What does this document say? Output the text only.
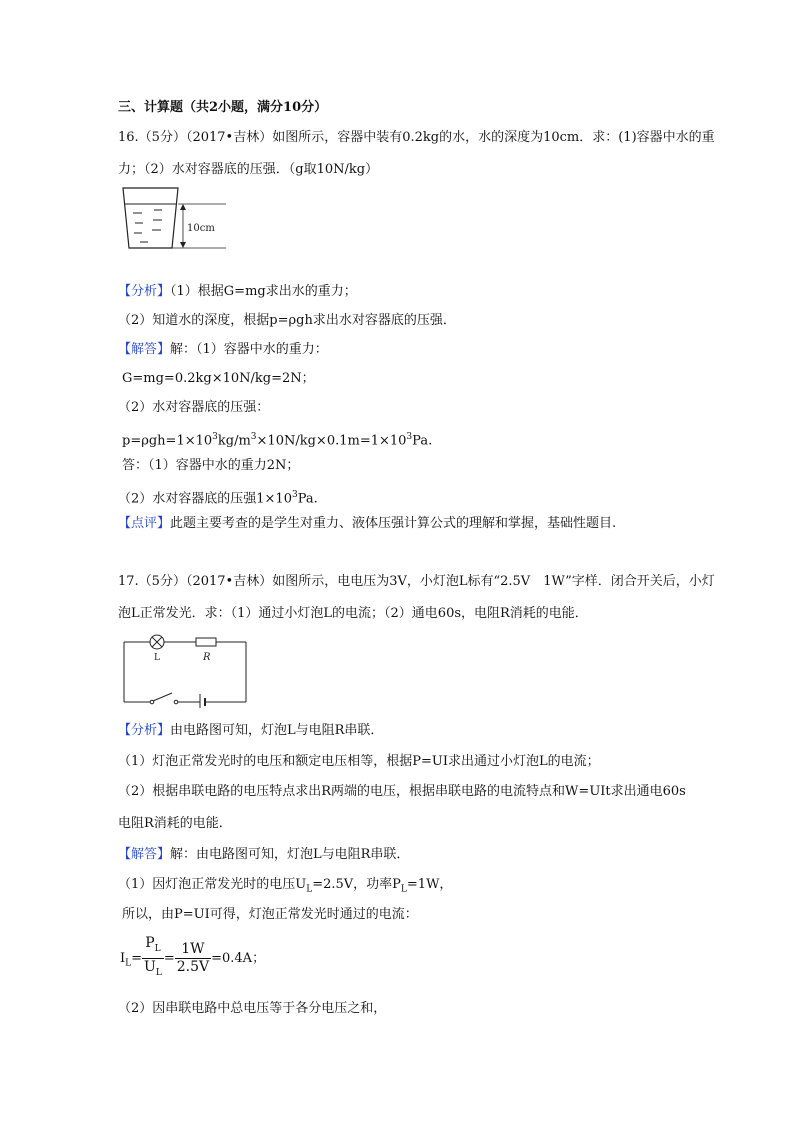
三、计算题（共2小题，满分10分）
16.（5分）（2017•吉林）如图所示，容器中装有0.2kg的水，水的深度为10cm．求：(1)容器中水的重
力；（2）水对容器底的压强．（g取10N/kg）
10cm
【分析】（1）根据G=mg求出水的重力；
（2）知道水的深度，根据p=ρgh求出水对容器底的压强．
【解答】解：（1）容器中水的重力：
G=mg=0.2kg×10N/kg=2N；
（2）水对容器底的压强：
$p=\rho gh=1\times 10^3kg/m^3\times 10N/kg\times 0.1m=1\times 10^3Pa$.
答：（1）容器中水的重力2N；
（2）水对容器底的压强$1\times 10^3Pa$.
【点评】此题主要考查的是学生对重力、液体压强计算公式的理解和掌握，基础性题目.
17.（5分）（2017•吉林）如图所示，电电压为3V，小灯泡L标有“2.5V　1W”字样．闭合开关后，小灯
泡L正常发光．求：（1）通过小灯泡L的电流；（2）通电60s，电阻R消耗的电能．
L	R
【分析】由电路图可知，灯泡L与电阻R串联．
（1）灯泡正常发光时的电压和额定电压相等，根据P=UI求出通过小灯泡L的电流；
（2）根据串联电路的电压特点求出R两端的电压，根据串联电路的电流特点和W=UIt求出通电60s
电阻R消耗的电能．
【解答】解：由电路图可知，灯泡L与电阻R串联．
（1）因灯泡正常发光时的电压$U_L=2.5V$，功率$P_L=1W$，
所以，由P=UI可得，灯泡正常发光时通过的电流：
$I_L= \frac{P_L}{U_L} = \frac{1W}{2.5V} =0.4A$；
（2）因串联电路中总电压等于各分电压之和，
